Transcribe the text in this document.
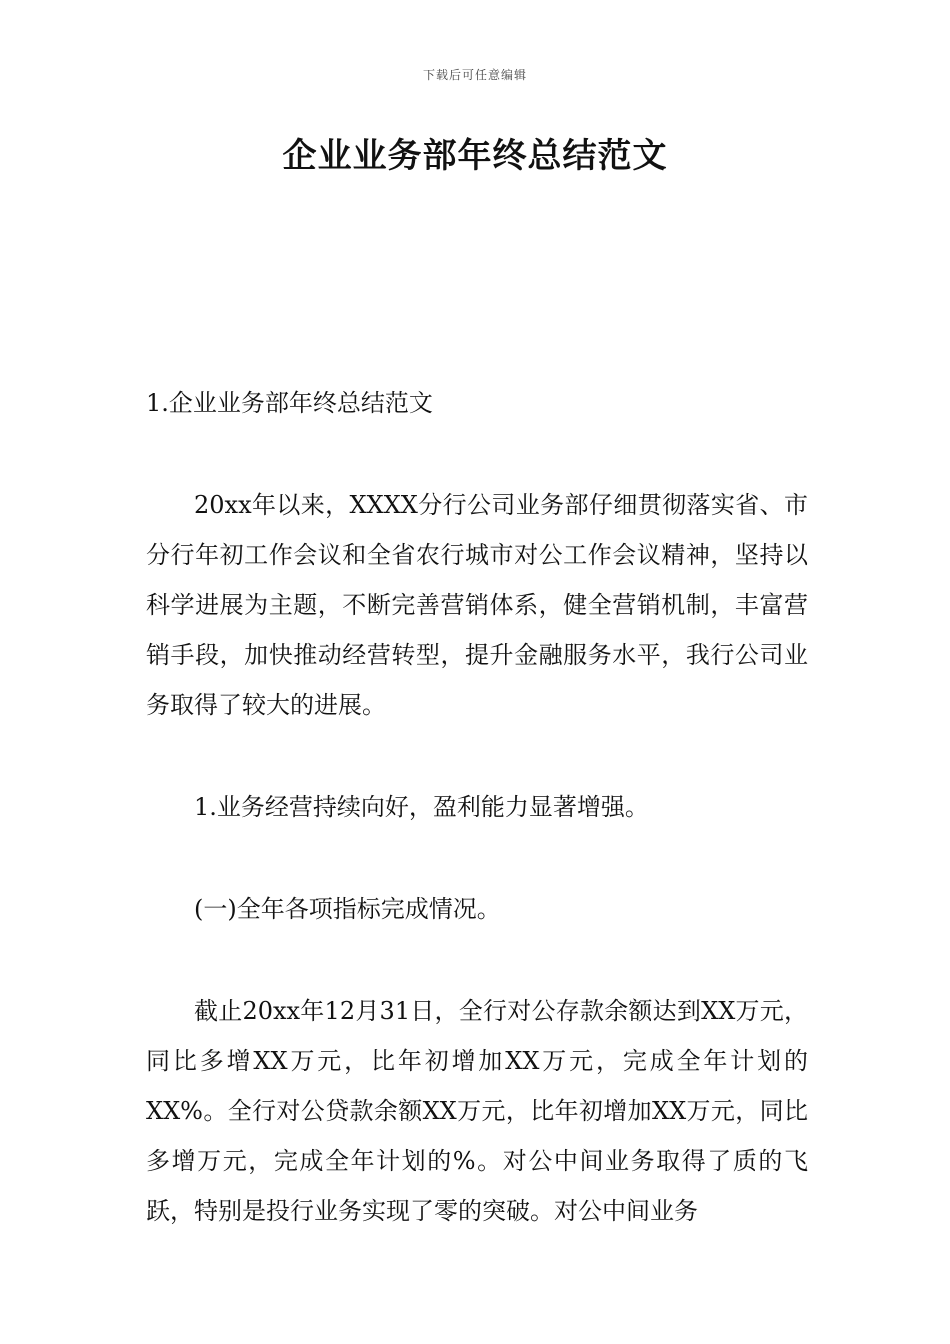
下载后可任意编辑
企业业务部年终总结范文

1.企业业务部年终总结范文

20xx年以来，XXXX分行公司业务部仔细贯彻落实省、市分行年初工作会议和全省农行城市对公工作会议精神，坚持以科学进展为主题，不断完善营销体系，健全营销机制，丰富营销手段，加快推动经营转型，提升金融服务水平，我行公司业务取得了较大的进展。

1.业务经营持续向好，盈利能力显著增强。

(一)全年各项指标完成情况。

截止20xx年12月31日，全行对公存款余额达到XX万元，同比多增XX万元，比年初增加XX万元，完成全年计划的XX%。全行对公贷款余额XX万元，比年初增加XX万元，同比多增万元，完成全年计划的%。对公中间业务取得了质的飞跃，特别是投行业务实现了零的突破。对公中间业务
